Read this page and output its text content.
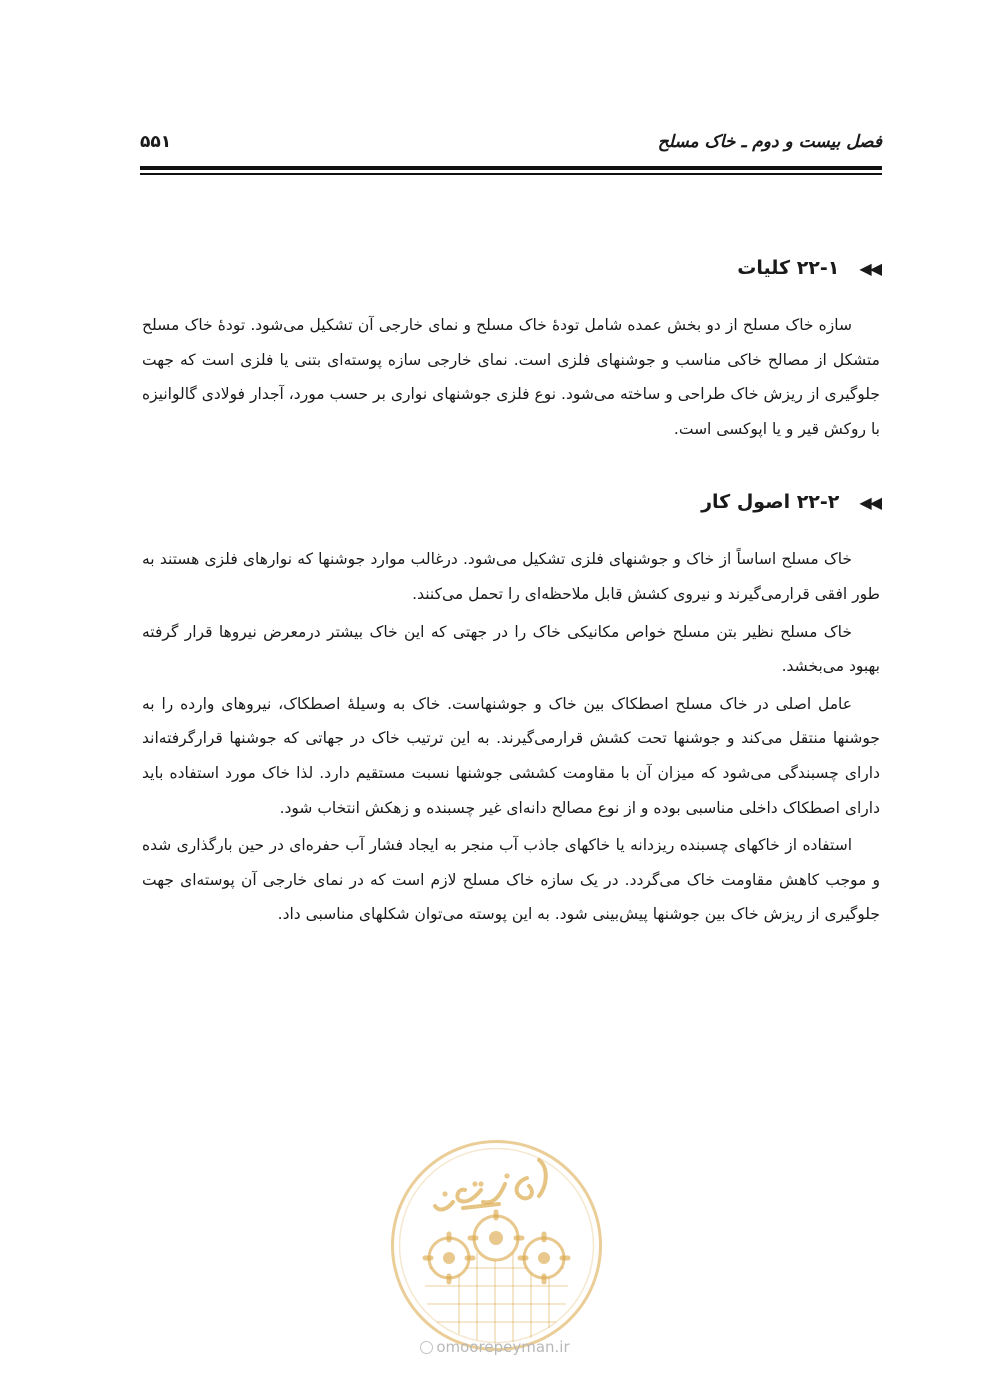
فصل بیست و دوم ـ خاک مسلح
۵۵۱
◀◀
۲۲-۱ کلیات

سازه خاک مسلح از دو بخش عمده شامل تودهٔ خاک مسلح و نمای خارجی آن تشکیل می‌شود. تودهٔ خاک مسلح متشکل از مصالح خاکی مناسب و جوشنهای فلزی است. نمای خارجی سازه پوسته‌ای بتنی یا فلزی است که جهت جلوگیری از ریزش خاک طراحی و ساخته می‌شود. نوع فلزی جوشنهای نواری بر حسب مورد، آجدار فولادی گالوانیزه با روکش قیر و یا اپوکسی است.

◀◀
۲۲-۲ اصول کار

خاک مسلح اساساً از خاک و جوشنهای فلزی تشکیل می‌شود. درغالب موارد جوشنها که نوارهای فلزی هستند به طور افقی قرارمی‌گیرند و نیروی کشش قابل ملاحظه‌ای را تحمل می‌کنند.

خاک مسلح نظیر بتن مسلح خواص مکانیکی خاک را در جهتی که این خاک بیشتر درمعرض نیروها قرار گرفته بهبود می‌بخشد.

عامل اصلی در خاک مسلح اصطکاک بین خاک و جوشنهاست. خاک به وسیلهٔ اصطکاک، نیروهای وارده را به جوشنها منتقل می‌کند و جوشنها تحت کشش قرارمی‌گیرند. به این ترتیب خاک در جهاتی که جوشنها قرارگرفته‌اند دارای چسبندگی می‌شود که میزان آن با مقاومت کششی جوشنها نسبت مستقیم دارد. لذا خاک مورد استفاده باید دارای اصطکاک داخلی مناسبی بوده و از نوع مصالح دانه‌ای غیر چسبنده و زهکش انتخاب شود.

استفاده از خاکهای چسبنده ریزدانه یا خاکهای جاذب آب منجر به ایجاد فشار آب حفره‌ای در حین بارگذاری شده و موجب کاهش مقاومت خاک می‌گردد. در یک سازه خاک مسلح لازم است که در نمای خارجی آن پوسته‌ای جهت جلوگیری از ریزش خاک بین جوشنها پیش‌بینی شود. به این پوسته می‌توان شکلهای مناسبی داد.

omoorepeyman.ir
